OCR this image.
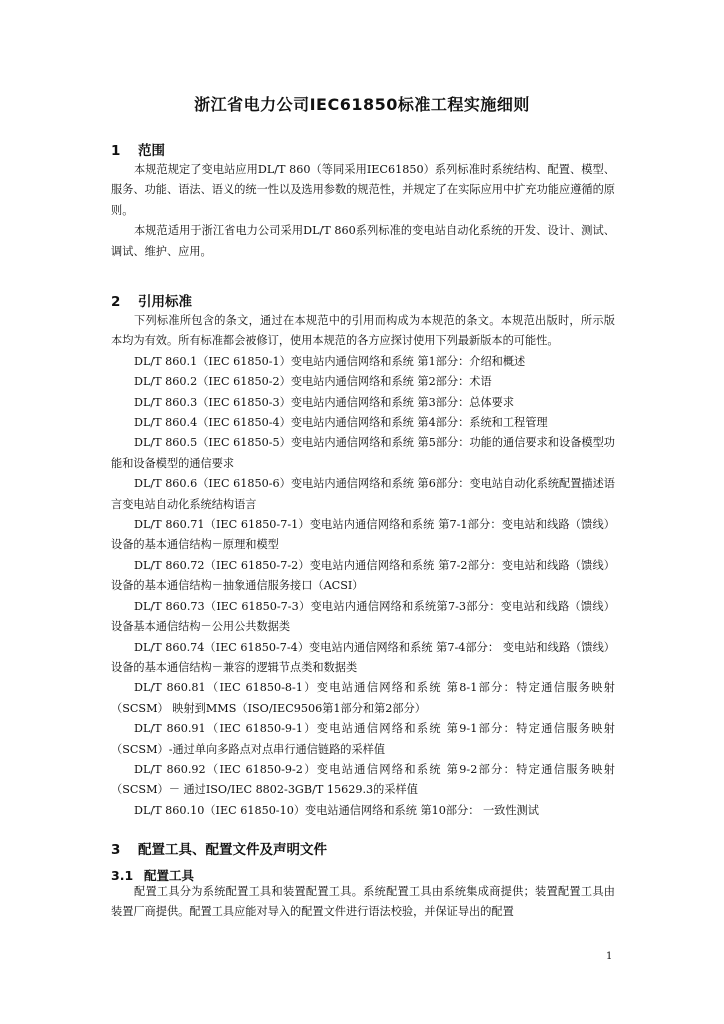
浙江省电力公司IEC61850标准工程实施细则
1 范围

本规范规定了变电站应用DL/T 860（等同采用IEC61850）系列标准时系统结构、配置、模型、服务、功能、语法、语义的统一性以及选用参数的规范性，并规定了在实际应用中扩充功能应遵循的原则。

本规范适用于浙江省电力公司采用DL/T 860系列标准的变电站自动化系统的开发、设计、测试、调试、维护、应用。

2 引用标准

下列标准所包含的条文，通过在本规范中的引用而构成为本规范的条文。本规范出版时，所示版本均为有效。所有标准都会被修订，使用本规范的各方应探讨使用下列最新版本的可能性。

DL/T 860.1（IEC 61850-1）变电站内通信网络和系统 第1部分：介绍和概述

DL/T 860.2（IEC 61850-2）变电站内通信网络和系统 第2部分：术语

DL/T 860.3（IEC 61850-3）变电站内通信网络和系统 第3部分：总体要求

DL/T 860.4（IEC 61850-4）变电站内通信网络和系统 第4部分：系统和工程管理

DL/T 860.5（IEC 61850-5）变电站内通信网络和系统 第5部分：功能的通信要求和设备模型功能和设备模型的通信要求

DL/T 860.6（IEC 61850-6）变电站内通信网络和系统 第6部分：变电站自动化系统配置描述语言变电站自动化系统结构语言

DL/T 860.71（IEC 61850-7-1）变电站内通信网络和系统 第7-1部分：变电站和线路（馈线）设备的基本通信结构－原理和模型

DL/T 860.72（IEC 61850-7-2）变电站内通信网络和系统 第7-2部分：变电站和线路（馈线）设备的基本通信结构－抽象通信服务接口（ACSI）

DL/T 860.73（IEC 61850-7-3）变电站内通信网络和系统第7-3部分：变电站和线路（馈线）设备基本通信结构－公用公共数据类

DL/T 860.74（IEC 61850-7-4）变电站内通信网络和系统 第7-4部分： 变电站和线路（馈线）设备的基本通信结构－兼容的逻辑节点类和数据类

DL/T 860.81（IEC 61850-8-1）变电站通信网络和系统 第8-1部分：特定通信服务映射（SCSM） 映射到MMS（ISO/IEC9506第1部分和第2部分）

DL/T 860.91（IEC 61850-9-1）变电站通信网络和系统 第9-1部分：特定通信服务映射（SCSM）-通过单向多路点对点串行通信链路的采样值

DL/T 860.92（IEC 61850-9-2）变电站通信网络和系统 第9-2部分：特定通信服务映射（SCSM）－ 通过ISO/IEC 8802-3GB/T 15629.3的采样值

DL/T 860.10（IEC 61850-10）变电站通信网络和系统 第10部分： 一致性测试

3 配置工具、配置文件及声明文件
3.1 配置工具

配置工具分为系统配置工具和装置配置工具。系统配置工具由系统集成商提供；装置配置工具由装置厂商提供。配置工具应能对导入的配置文件进行语法校验，并保证导出的配置

1
